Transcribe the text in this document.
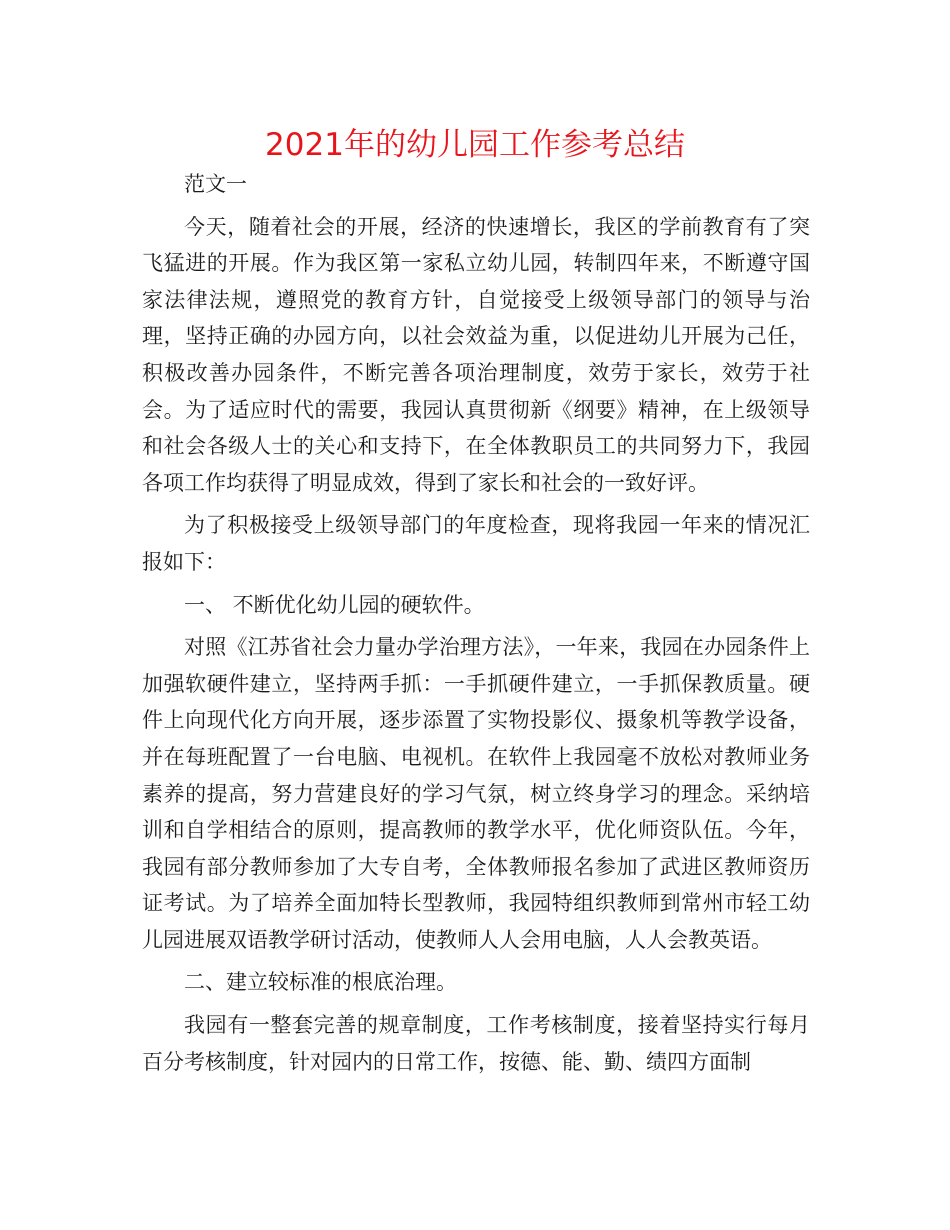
2021年的幼儿园工作参考总结

范文一

今天，随着社会的开展，经济的快速增长，我区的学前教育有了突飞猛进的开展。作为我区第一家私立幼儿园，转制四年来，不断遵守国家法律法规，遵照党的教育方针，自觉接受上级领导部门的领导与治理，坚持正确的办园方向，以社会效益为重，以促进幼儿开展为己任，积极改善办园条件，不断完善各项治理制度，效劳于家长，效劳于社会。为了适应时代的需要，我园认真贯彻新《纲要》精神，在上级领导和社会各级人士的关心和支持下，在全体教职员工的共同努力下，我园各项工作均获得了明显成效，得到了家长和社会的一致好评。

为了积极接受上级领导部门的年度检查，现将我园一年来的情况汇报如下：

一、 不断优化幼儿园的硬软件。

对照《江苏省社会力量办学治理方法》，一年来，我园在办园条件上加强软硬件建立，坚持两手抓：一手抓硬件建立，一手抓保教质量。硬件上向现代化方向开展，逐步添置了实物投影仪、摄象机等教学设备，并在每班配置了一台电脑、电视机。在软件上我园毫不放松对教师业务素养的提高，努力营建良好的学习气氛，树立终身学习的理念。采纳培训和自学相结合的原则，提高教师的教学水平，优化师资队伍。今年，我园有部分教师参加了大专自考，全体教师报名参加了武进区教师资历证考试。为了培养全面加特长型教师，我园特组织教师到常州市轻工幼儿园进展双语教学研讨活动，使教师人人会用电脑，人人会教英语。

二、建立较标准的根底治理。

我园有一整套完善的规章制度，工作考核制度，接着坚持实行每月百分考核制度，针对园内的日常工作，按德、能、勤、绩四方面制
